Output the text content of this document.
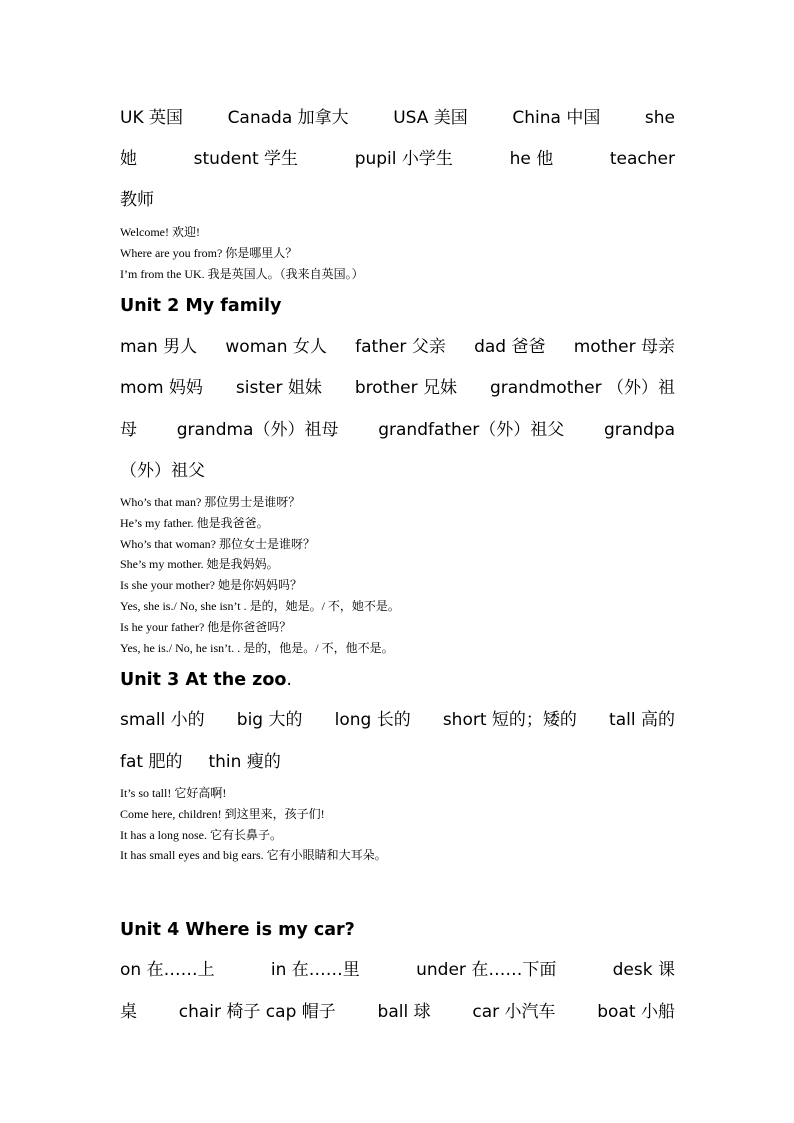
UK 英国	Canada 加拿大	USA 美国	China 中国	she
她	student 学生	pupil 小学生	he 他	teacher
教师
Welcome! 欢迎!
Where are you from? 你是哪里人？
I’m from the UK. 我是英国人。（我来自英国。）
Unit 2 My family
man 男人 woman 女人 father 父亲 dad 爸爸 mother 母亲
mom 妈妈 sister 姐妹 brother 兄妹 grandmother （外）祖
母 grandma（外）祖母 grandfather（外）祖父 grandpa
（外）祖父
Who’s that man? 那位男士是谁呀？
He’s my father. 他是我爸爸。
Who’s that woman? 那位女士是谁呀？
She’s my mother. 她是我妈妈。
Is she your mother? 她是你妈妈吗？
Yes, she is./ No, she isn’t . 是的，她是。/ 不，她不是。
Is he your father? 他是你爸爸吗？
Yes, he is./ No, he isn’t. . 是的，他是。/ 不，他不是。
Unit 3 At the zoo.
small 小的 big 大的 long 长的 short 短的；矮的 tall 高的
fat 肥的 thin 瘦的
It’s so tall! 它好高啊!
Come here, children! 到这里来，孩子们!
It has a long nose. 它有长鼻子。
It has small eyes and big ears. 它有小眼睛和大耳朵。
Unit 4 Where is my car?
on 在……上	in 在……里	under 在……下面	desk 课
桌 chair 椅子 cap 帽子 ball 球 car 小汽车 boat 小船
